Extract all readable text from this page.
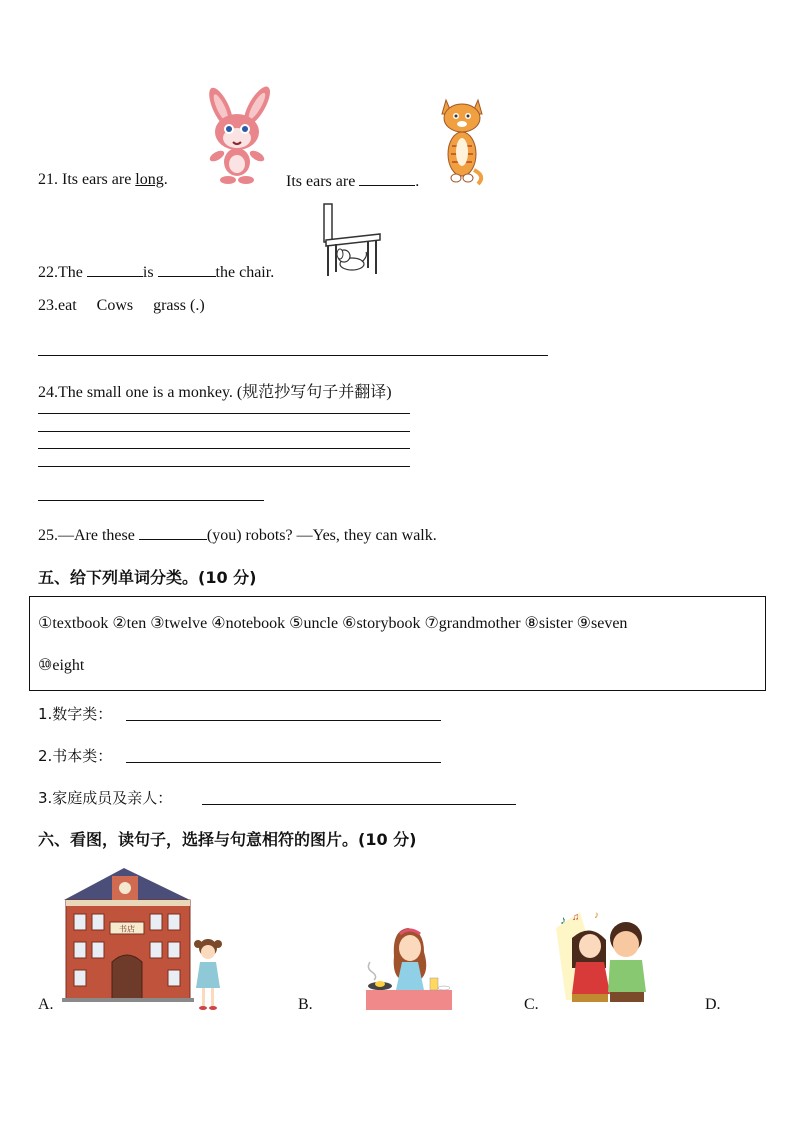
21. Its ears are long.	Its ears are	.
22.The	is	the chair.
23.eat     Cows     grass (.)
24.The small one is a monkey. (规范抄写句子并翻译)
25.—Are these	(you) robots? —Yes, they can walk.
五、给下列单词分类。(10 分)
①textbook ②ten ③twelve ④notebook ⑤uncle ⑥storybook ⑦grandmother ⑧sister ⑨seven
⑩eight
1.数字类：
2.书本类：
3.家庭成员及亲人：
六、看图，读句子，选择与句意相符的图片。(10 分)
书店
A.	B.
♪ ♫ ♪
C.	D.
